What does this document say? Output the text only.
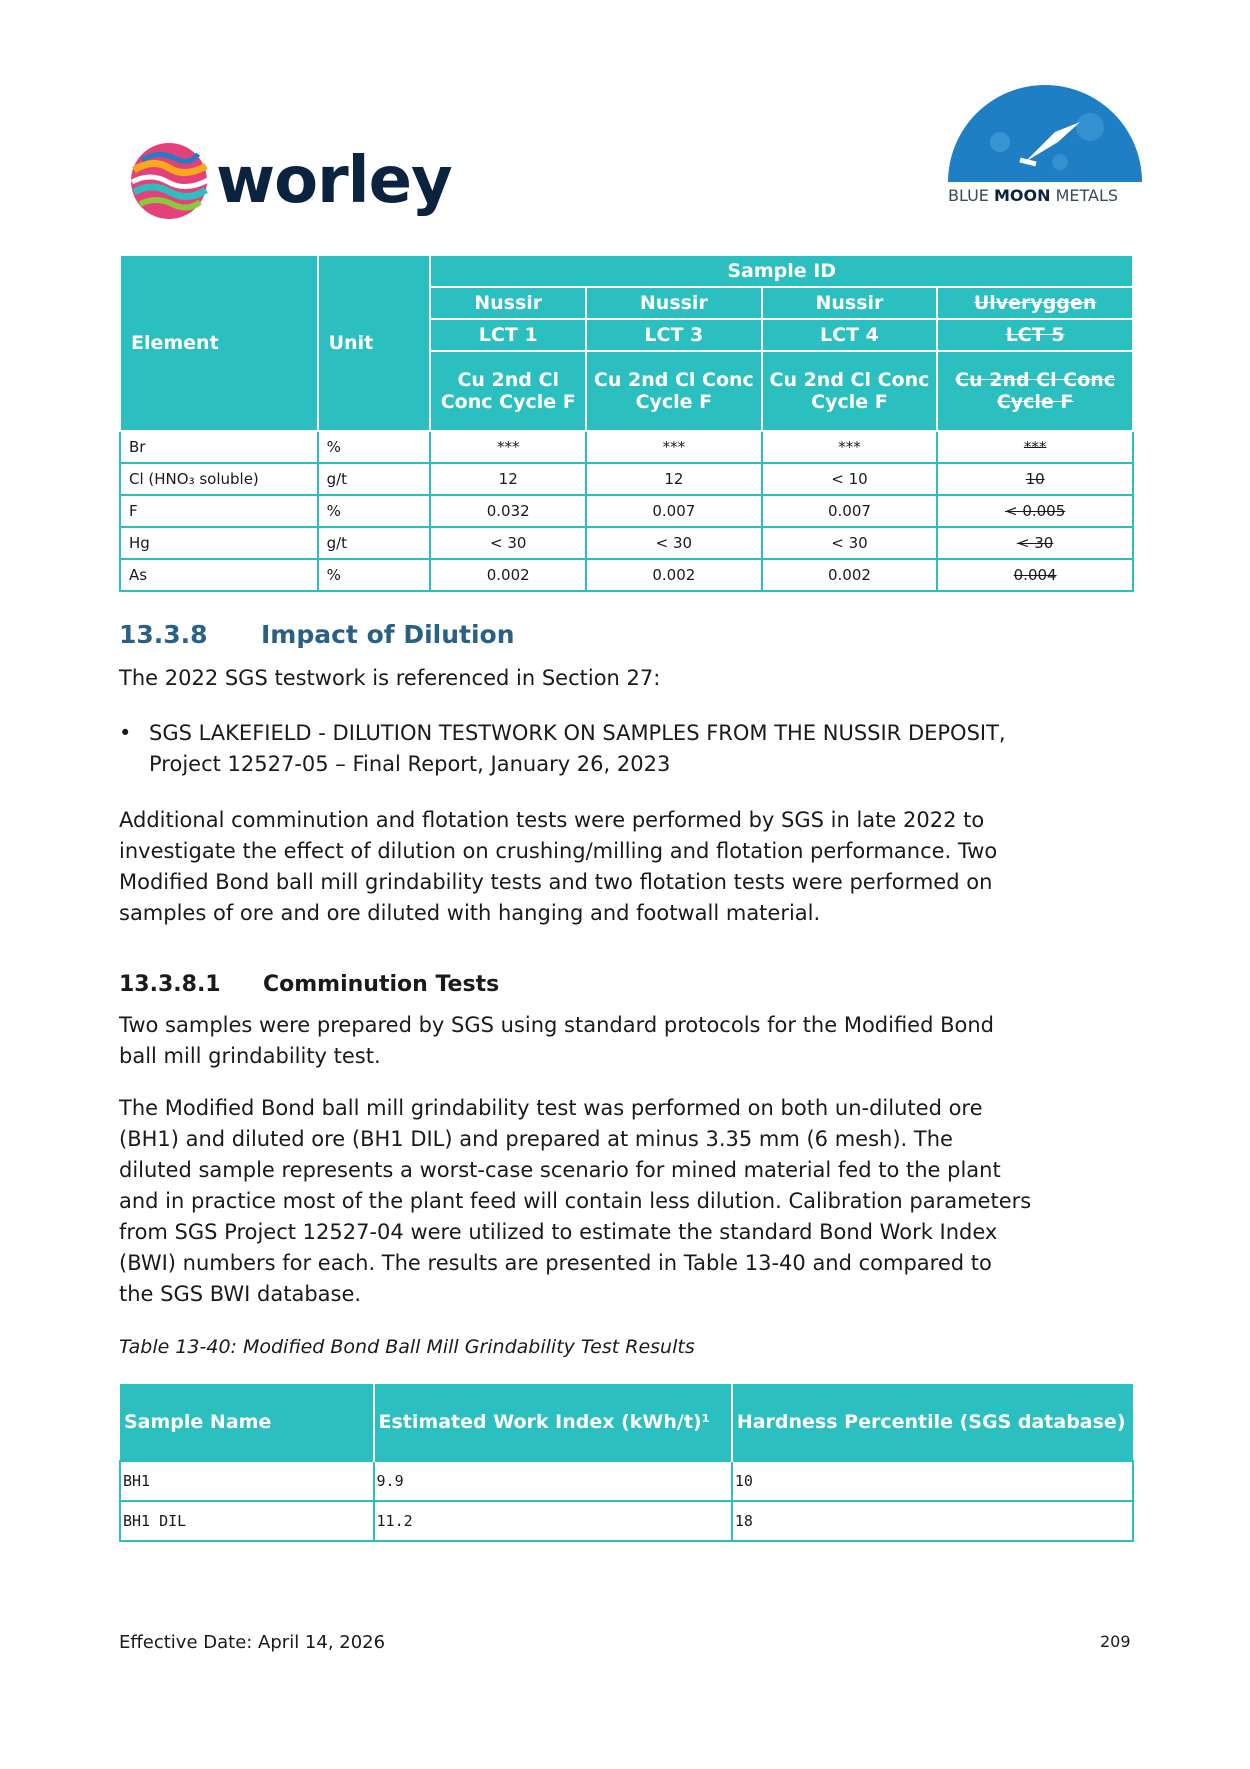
worley	BLUE MOON METALS
Element	Unit	Sample ID			
		Nussir	Nussir	Nussir	Ulveryggen
		LCT 1	LCT 3	LCT 4	LCT 5
		Cu 2nd Cl Conc Cycle F	Cu 2nd Cl Conc Cycle F	Cu 2nd Cl Conc Cycle F	Cu 2nd Cl Conc Cycle F
Br	%	***	***	***	***
Cl (HNO₃ soluble)	g/t	12	12	< 10	10
F	%	0.032	0.007	0.007	< 0.005
Hg	g/t	< 30	< 30	< 30	< 30
As	%	0.002	0.002	0.002	0.004
13.3.8 Impact of Dilution
The 2022 SGS testwork is referenced in Section 27:
• SGS LAKEFIELD - DILUTION TESTWORK ON SAMPLES FROM THE NUSSIR DEPOSIT,
Project 12527-05 – Final Report, January 26, 2023
Additional comminution and flotation tests were performed by SGS in late 2022 to
investigate the effect of dilution on crushing/milling and flotation performance. Two
Modified Bond ball mill grindability tests and two flotation tests were performed on
samples of ore and ore diluted with hanging and footwall material.
13.3.8.1 Comminution Tests
Two samples were prepared by SGS using standard protocols for the Modified Bond
ball mill grindability test.
The Modified Bond ball mill grindability test was performed on both un-diluted ore
(BH1) and diluted ore (BH1 DIL) and prepared at minus 3.35 mm (6 mesh). The
diluted sample represents a worst-case scenario for mined material fed to the plant
and in practice most of the plant feed will contain less dilution. Calibration parameters
from SGS Project 12527-04 were utilized to estimate the standard Bond Work Index
(BWI) numbers for each. The results are presented in Table 13-40 and compared to
the SGS BWI database.
Table 13-40: Modified Bond Ball Mill Grindability Test Results
Sample Name	Estimated Work Index (kWh/t)¹	Hardness Percentile (SGS database)
BH1	9.9	10
BH1 DIL	11.2	18
Effective Date: April 14, 2026	209
